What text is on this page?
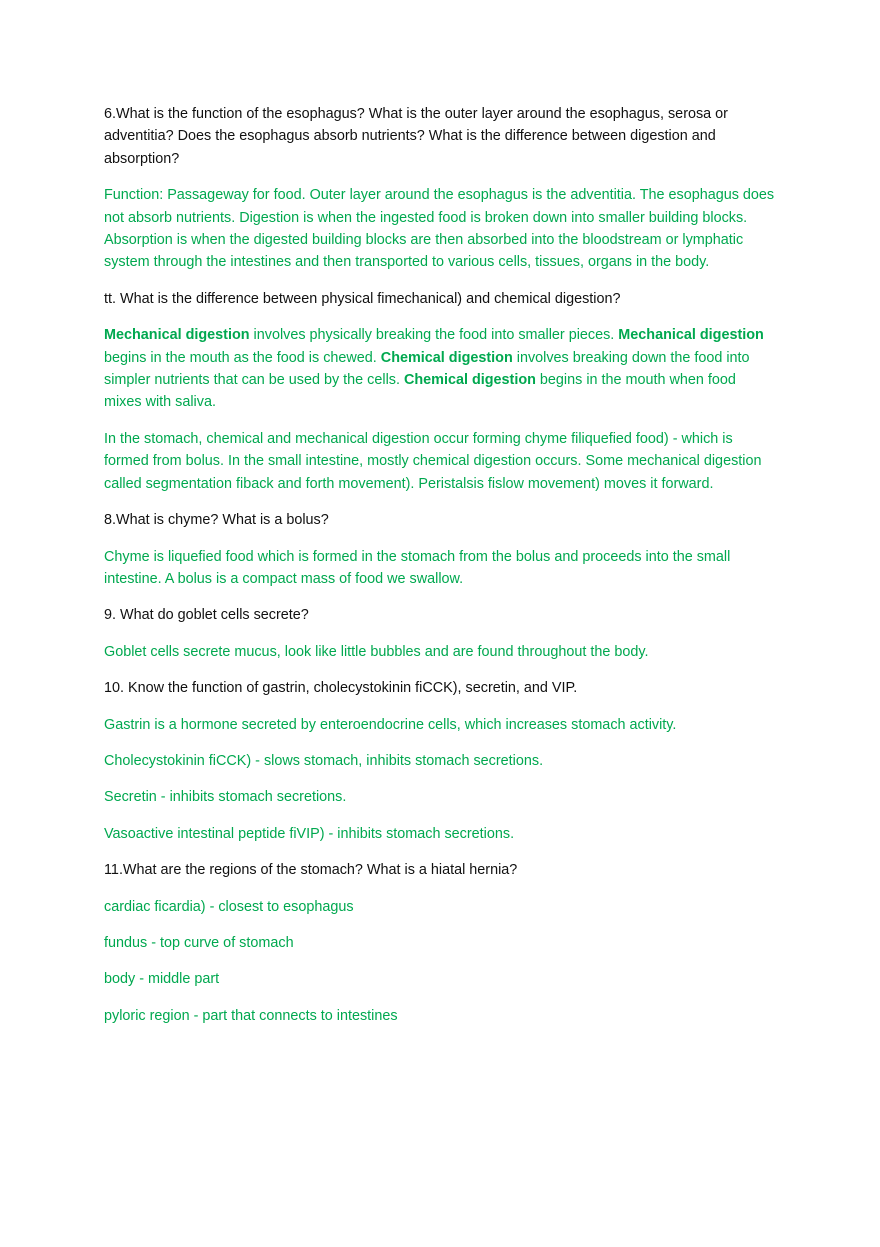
6.What is the function of the esophagus? What is the outer layer around the esophagus, serosa or adventitia? Does the esophagus absorb nutrients? What is the difference between digestion and absorption?

Function: Passageway for food. Outer layer around the esophagus is the adventitia. The esophagus does not absorb nutrients. Digestion is when the ingested food is broken down into smaller building blocks. Absorption is when the digested building blocks are then absorbed into the bloodstream or lymphatic system through the intestines and then transported to various cells, tissues, organs in the body.

tt. What is the difference between physical fimechanical) and chemical digestion?

Mechanical digestion involves physically breaking the food into smaller pieces. Mechanical digestion begins in the mouth as the food is chewed. Chemical digestion involves breaking down the food into simpler nutrients that can be used by the cells. Chemical digestion begins in the mouth when food mixes with saliva.

In the stomach, chemical and mechanical digestion occur forming chyme filiquefied food) - which is formed from bolus. In the small intestine, mostly chemical digestion occurs. Some mechanical digestion called segmentation fiback and forth movement). Peristalsis fislow movement) moves it forward.

8.What is chyme? What is a bolus?

Chyme is liquefied food which is formed in the stomach from the bolus and proceeds into the small intestine. A bolus is a compact mass of food we swallow.

9. What do goblet cells secrete?

Goblet cells secrete mucus, look like little bubbles and are found throughout the body.

10. Know the function of gastrin, cholecystokinin fiCCK), secretin, and VIP.

Gastrin is a hormone secreted by enteroendocrine cells, which increases stomach activity.

Cholecystokinin fiCCK) - slows stomach, inhibits stomach secretions.

Secretin - inhibits stomach secretions.

Vasoactive intestinal peptide fiVIP) - inhibits stomach secretions.

11.What are the regions of the stomach? What is a hiatal hernia?

cardiac ficardia) - closest to esophagus

fundus - top curve of stomach

body - middle part

pyloric region - part that connects to intestines
